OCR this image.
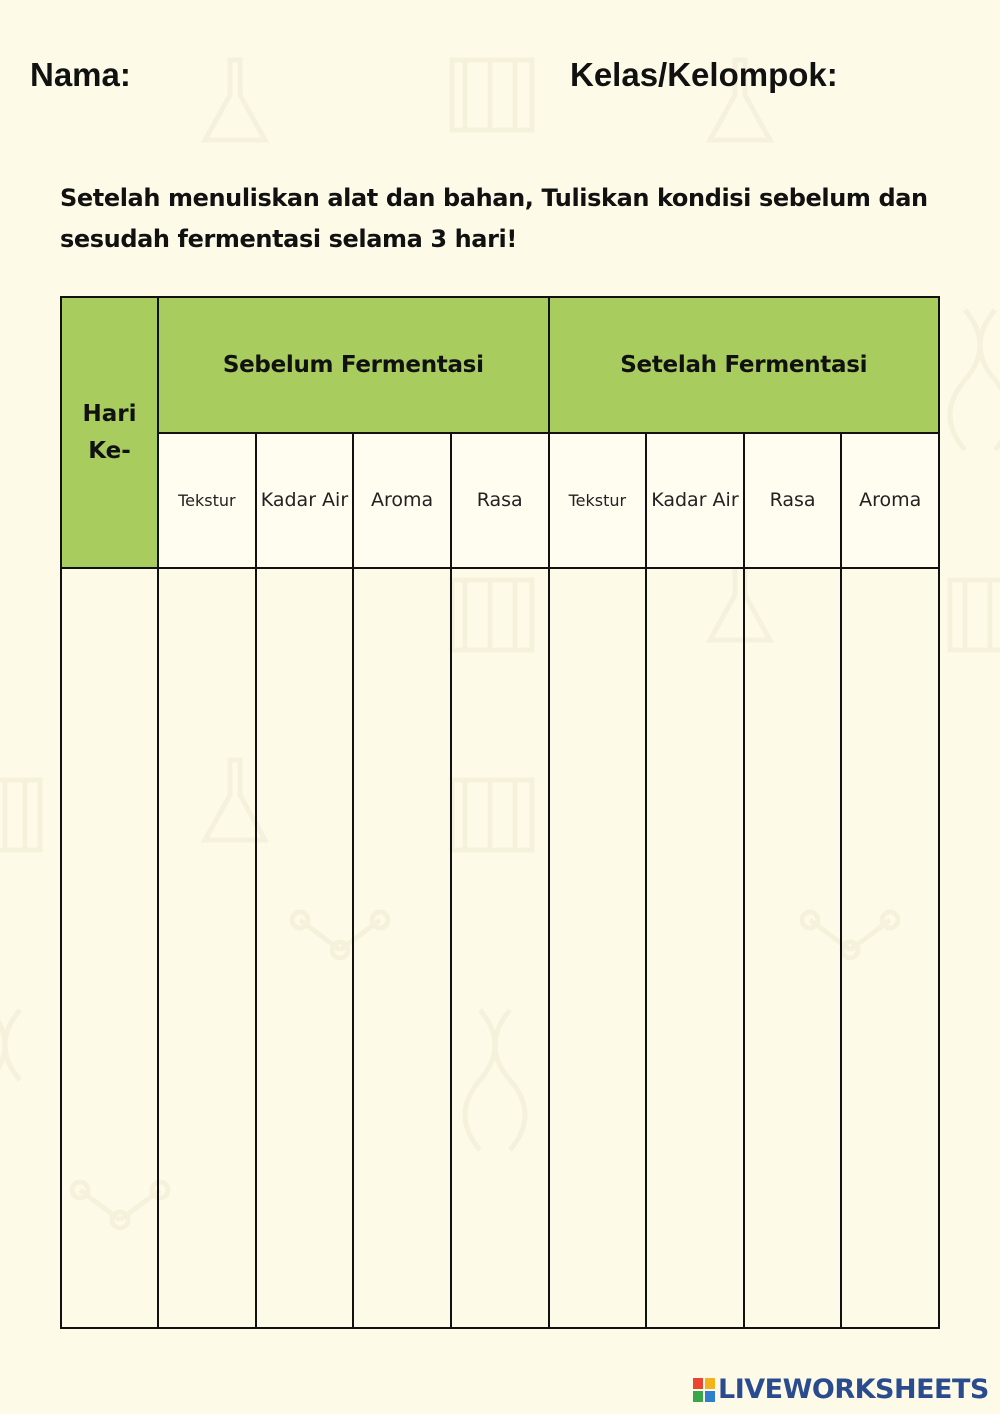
Nama:	Kelas/Kelompok:
Setelah menuliskan alat dan bahan, Tuliskan kondisi sebelum dan sesudah fermentasi selama 3 hari!
Hari Ke-	Sebelum Fermentasi				Setelah Fermentasi			
	Tekstur	Kadar Air	Aroma	Rasa	Tekstur	Kadar Air	Rasa	Aroma

LIVEWORKSHEETS
